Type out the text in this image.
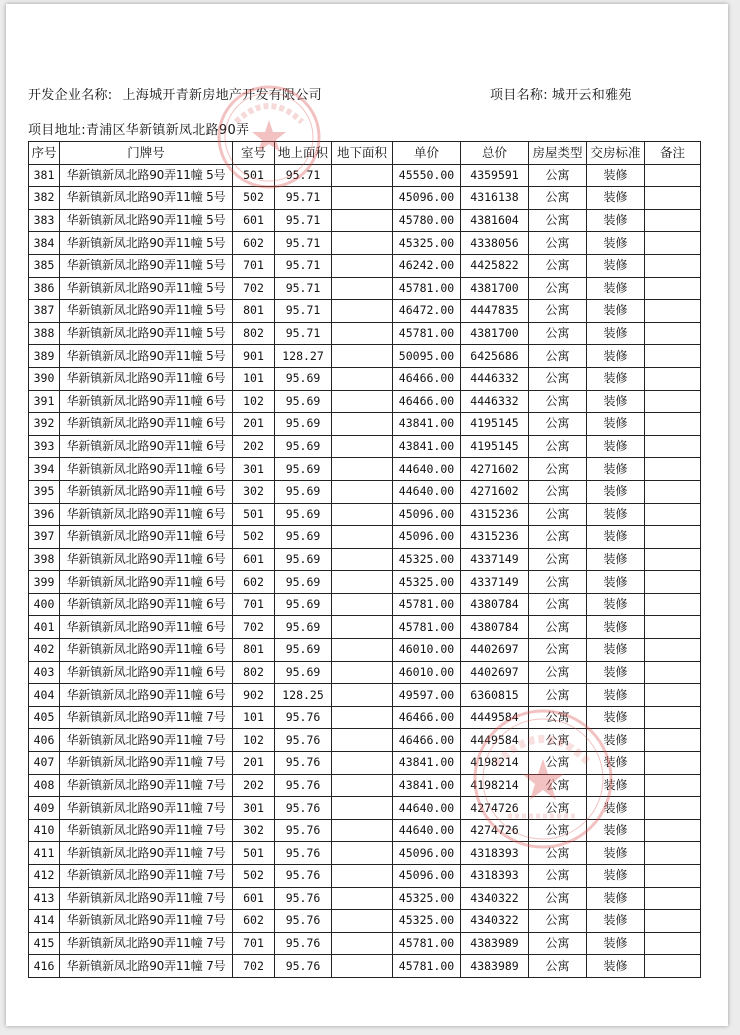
开发企业名称: 上海城开青新房地产开发有限公司	项目名称: 城开云和雅苑
项目地址:青浦区华新镇新凤北路90弄
序号	门牌号	室号	地上面积	地下面积	单价	总价	房屋类型	交房标准	备注
381	华新镇新凤北路90弄11幢 5号	501	95.71		45550.00	4359591	公寓	装修	
382	华新镇新凤北路90弄11幢 5号	502	95.71		45096.00	4316138	公寓	装修	
383	华新镇新凤北路90弄11幢 5号	601	95.71		45780.00	4381604	公寓	装修	
384	华新镇新凤北路90弄11幢 5号	602	95.71		45325.00	4338056	公寓	装修	
385	华新镇新凤北路90弄11幢 5号	701	95.71		46242.00	4425822	公寓	装修	
386	华新镇新凤北路90弄11幢 5号	702	95.71		45781.00	4381700	公寓	装修	
387	华新镇新凤北路90弄11幢 5号	801	95.71		46472.00	4447835	公寓	装修	
388	华新镇新凤北路90弄11幢 5号	802	95.71		45781.00	4381700	公寓	装修	
389	华新镇新凤北路90弄11幢 5号	901	128.27		50095.00	6425686	公寓	装修	
390	华新镇新凤北路90弄11幢 6号	101	95.69		46466.00	4446332	公寓	装修	
391	华新镇新凤北路90弄11幢 6号	102	95.69		46466.00	4446332	公寓	装修	
392	华新镇新凤北路90弄11幢 6号	201	95.69		43841.00	4195145	公寓	装修	
393	华新镇新凤北路90弄11幢 6号	202	95.69		43841.00	4195145	公寓	装修	
394	华新镇新凤北路90弄11幢 6号	301	95.69		44640.00	4271602	公寓	装修	
395	华新镇新凤北路90弄11幢 6号	302	95.69		44640.00	4271602	公寓	装修	
396	华新镇新凤北路90弄11幢 6号	501	95.69		45096.00	4315236	公寓	装修	
397	华新镇新凤北路90弄11幢 6号	502	95.69		45096.00	4315236	公寓	装修	
398	华新镇新凤北路90弄11幢 6号	601	95.69		45325.00	4337149	公寓	装修	
399	华新镇新凤北路90弄11幢 6号	602	95.69		45325.00	4337149	公寓	装修	
400	华新镇新凤北路90弄11幢 6号	701	95.69		45781.00	4380784	公寓	装修	
401	华新镇新凤北路90弄11幢 6号	702	95.69		45781.00	4380784	公寓	装修	
402	华新镇新凤北路90弄11幢 6号	801	95.69		46010.00	4402697	公寓	装修	
403	华新镇新凤北路90弄11幢 6号	802	95.69		46010.00	4402697	公寓	装修	
404	华新镇新凤北路90弄11幢 6号	902	128.25		49597.00	6360815	公寓	装修	
405	华新镇新凤北路90弄11幢 7号	101	95.76		46466.00	4449584	公寓	装修	
406	华新镇新凤北路90弄11幢 7号	102	95.76		46466.00	4449584	公寓	装修	
407	华新镇新凤北路90弄11幢 7号	201	95.76		43841.00	4198214	公寓	装修	
408	华新镇新凤北路90弄11幢 7号	202	95.76		43841.00	4198214	公寓	装修	
409	华新镇新凤北路90弄11幢 7号	301	95.76		44640.00	4274726	公寓	装修	
410	华新镇新凤北路90弄11幢 7号	302	95.76		44640.00	4274726	公寓	装修	
411	华新镇新凤北路90弄11幢 7号	501	95.76		45096.00	4318393	公寓	装修	
412	华新镇新凤北路90弄11幢 7号	502	95.76		45096.00	4318393	公寓	装修	
413	华新镇新凤北路90弄11幢 7号	601	95.76		45325.00	4340322	公寓	装修	
414	华新镇新凤北路90弄11幢 7号	602	95.76		45325.00	4340322	公寓	装修	
415	华新镇新凤北路90弄11幢 7号	701	95.76		45781.00	4383989	公寓	装修	
416	华新镇新凤北路90弄11幢 7号	702	95.76		45781.00	4383989	公寓	装修	
